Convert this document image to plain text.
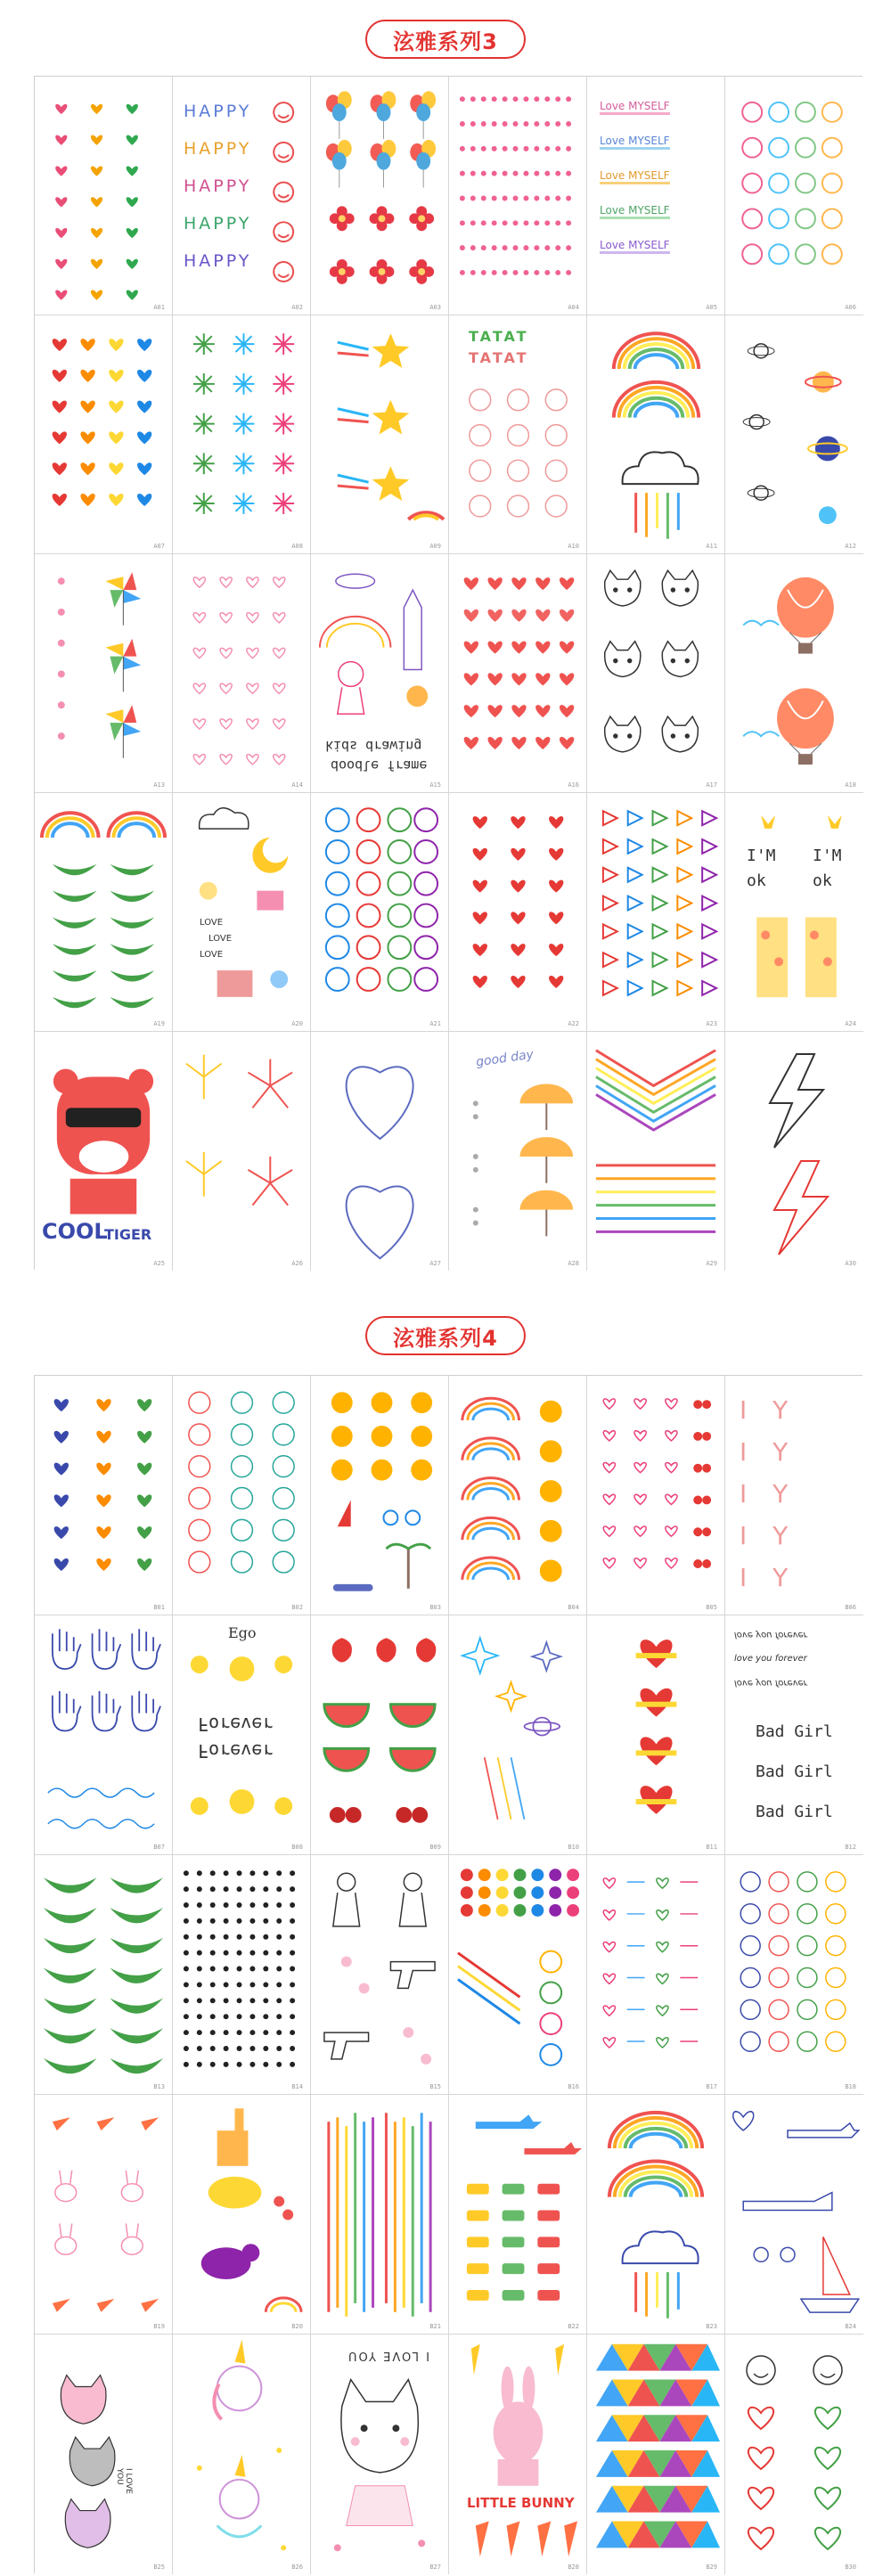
泫雅系列3
A01
HAPPY
HAPPY
HAPPY
HAPPY
HAPPY
A02	A03	A04
Love MYSELF
Love MYSELF
Love MYSELF
Love MYSELF
Love MYSELF
A05	A06
A07	A08	A09
TATAT
TATAT
A10	A11	A12
A13	A14
kids drawing
doodle frame
A15	A16	A17	A18
A19
LOVE
LOVE
LOVE
A20	A21	A22	A23
I'M
ok
I'M
ok
A24
COOL
TIGER
A25	A26	A27
good day
A28	A29	A30
泫雅系列4
B01	B02	B03	B04	B05
I Y
I Y
I Y
I Y
I Y
B06
B07
Ego
Forever
Forever
B08	B09	B10	B11
love you forever
love you forever
love you forever
Bad Girl
Bad Girl
Bad Girl
B12
B13	B14	B15	B16	B17	B18
B19	B20	B21	B22	B23	B24
I LOVE YOU
B25	B26
I LOVE YOU
B27
LITTLE BUNNY
B28	B29	B30
